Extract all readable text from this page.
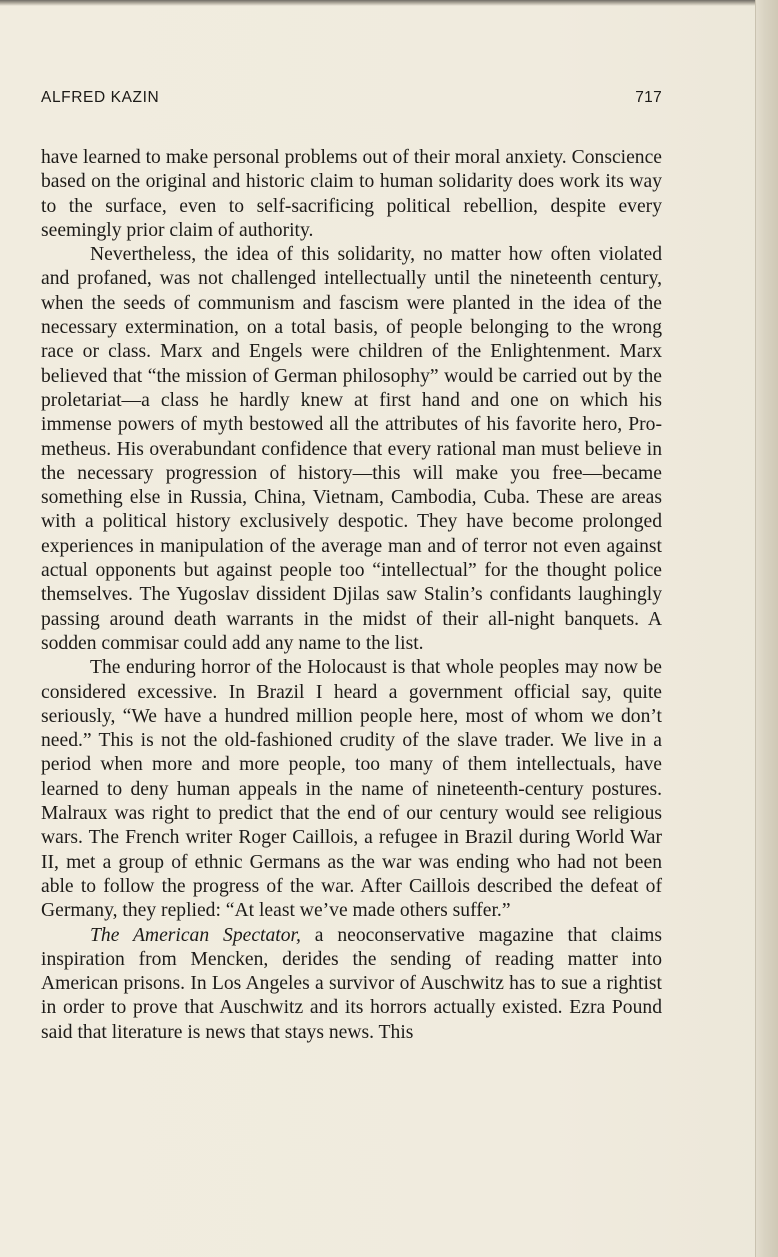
ALFRED KAZIN	717

have learned to make personal problems out of their moral anxiety. Conscience based on the original and historic claim to human solidarity does work its way to the surface, even to self-sacrificing political rebellion, despite every seemingly prior claim of authority.

Nevertheless, the idea of this solidarity, no matter how often violated and profaned, was not challenged intellectually until the nineteenth century, when the seeds of communism and fascism were planted in the idea of the necessary extermination, on a total basis, of people belonging to the wrong race or class. Marx and Engels were children of the Enlightenment. Marx believed that “the mission of German philosophy” would be carried out by the proletariat—a class he hardly knew at first hand and one on which his immense powers of myth bestowed all the attributes of his favorite hero, Prometheus. His overabundant confidence that every rational man must believe in the necessary progression of history—this will make you free—became something else in Russia, China, Vietnam, Cambodia, Cuba. These are areas with a political history exclusively despotic. They have become prolonged experiences in manipulation of the average man and of terror not even against actual opponents but against people too “intellectual” for the thought police themselves. The Yugoslav dissident Djilas saw Stalin’s confidants laughingly passing around death warrants in the midst of their all-night banquets. A sodden commisar could add any name to the list.

The enduring horror of the Holocaust is that whole peoples may now be considered excessive. In Brazil I heard a government official say, quite seriously, “We have a hundred million people here, most of whom we don’t need.” This is not the old-fashioned crudity of the slave trader. We live in a period when more and more people, too many of them intellectuals, have learned to deny human appeals in the name of nineteenth-century postures. Malraux was right to predict that the end of our century would see religious wars. The French writer Roger Caillois, a refugee in Brazil during World War II, met a group of ethnic Germans as the war was ending who had not been able to follow the progress of the war. After Caillois described the defeat of Germany, they replied: “At least we’ve made others suffer.”

The American Spectator, a neoconservative magazine that claims inspiration from Mencken, derides the sending of reading matter into American prisons. In Los Angeles a survivor of Auschwitz has to sue a rightist in order to prove that Auschwitz and its horrors actually existed. Ezra Pound said that literature is news that stays news. This
